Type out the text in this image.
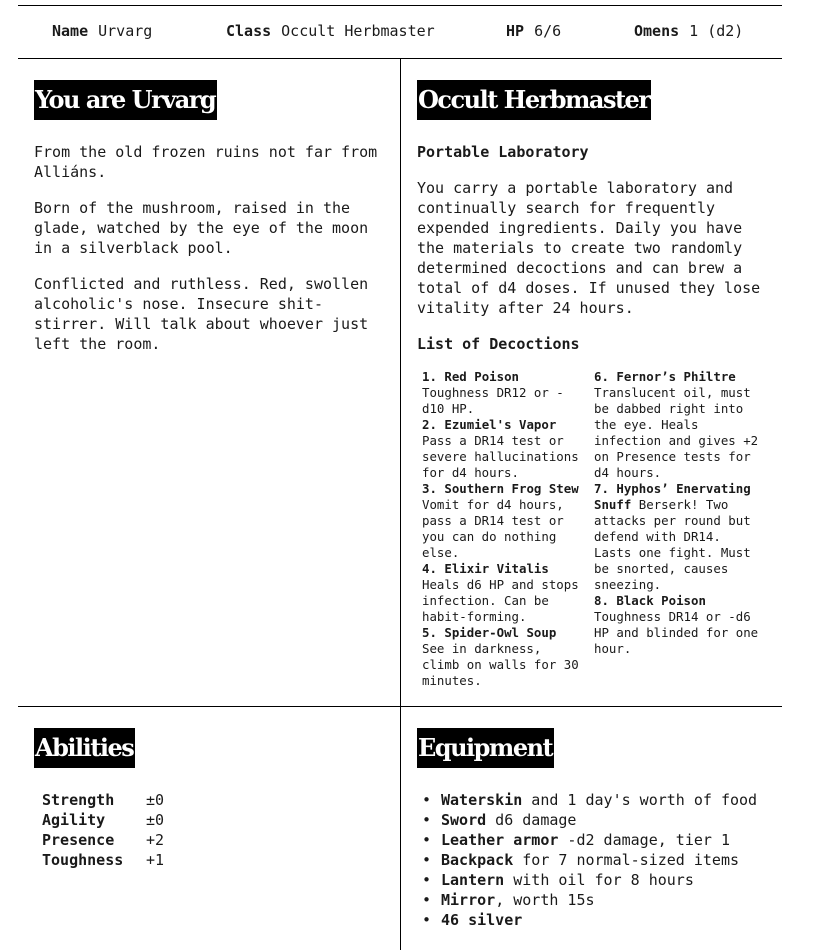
Name Urvarg	Class Occult Herbmaster	HP 6/6	Omens 1 (d2)
You are Urvarg

From the old frozen ruins not far from Alliáns.

Born of the mushroom, raised in the glade, watched by the eye of the moon in a silverblack pool.

Conflicted and ruthless. Red, swollen alcoholic's nose. Insecure shit-stirrer. Will talk about whoever just left the room.

Occult Herbmaster

Portable Laboratory

You carry a portable laboratory and continually search for frequently expended ingredients. Daily you have the materials to create two randomly determined decoctions and can brew a total of d4 doses. If unused they lose vitality after 24 hours.

List of Decoctions

1. Red Poison Toughness DR12 or -d10 HP.
2. Ezumiel's Vapor Pass a DR14 test or severe hallucinations for d4 hours.
3. Southern Frog Stew Vomit for d4 hours, pass a DR14 test or you can do nothing else.
4. Elixir Vitalis Heals d6 HP and stops infection. Can be habit-forming.
5. Spider-Owl Soup See in darkness, climb on walls for 30 minutes.
6. Fernor’s Philtre Translucent oil, must be dabbed right into the eye. Heals infection and gives +2 on Presence tests for d4 hours.
7. Hyphos’ Enervating Snuff Berserk! Two attacks per round but defend with DR14. Lasts one fight. Must be snorted, causes sneezing.
8. Black Poison Toughness DR14 or -d6 HP and blinded for one hour.
Abilities
Strength	±0
Agility	±0
Presence	+2
Toughness	+1
Equipment
• Waterskin and 1 day's worth of food
• Sword d6 damage
• Leather armor -d2 damage, tier 1
• Backpack for 7 normal-sized items
• Lantern with oil for 8 hours
• Mirror, worth 15s
• 46 silver
